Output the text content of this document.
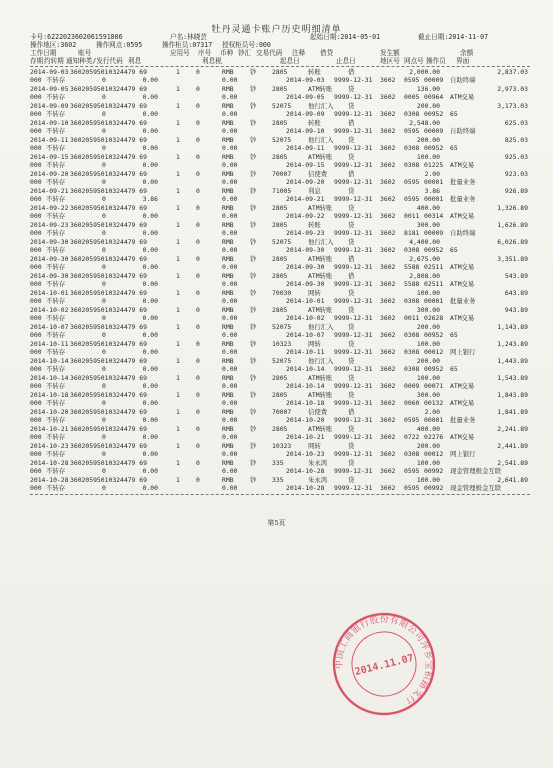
牡丹灵通卡账户历史明细清单
卡号:6222023602061591806	户名:林晓芸	起始日期:2014-05-01	截止日期:2014-11-07
操作地区:3602	操作网点:0595	操作柜员:07317 授权柜员号:000
工作日期	账号	应用号 序号 币种 钞汇 交易代码 注释 借贷	发生额	余额
存期 约转期 通知种类/发行代码 利息	利息税	起息日	止息日	地区号 网点号 操作员 界面
2014-09-03 36020595010324479 69	1	0	RMB	钞 2805	转账	借	2,000.00	2,837.03
000 不转存	0	0.00	0.00	2014-09-03 9999-12-31 3602 0595 00009 自助终端
2014-09-05 36020595010324479 69	1	0	RMB	钞 2805	ATM转账 贷	136.00	2,973.03
000 不转存	0	0.00	0.00	2014-09-05 9999-12-31 3602 0005 00964 ATM交易
2014-09-09 36020595010324479 69	1	0	RMB	钞 52075	他行汇入 贷	200.00	3,173.03
000 不转存	0	0.00	0.00	2014-09-09 9999-12-31 3602 0308 00952 65
2014-09-10 36020595010324479 69	1	0	RMB	钞 2805	转账	借	2,548.00	625.03
000 不转存	0	0.00	0.00	2014-09-10 9999-12-31 3602 0595 00009 自助终端
2014-09-11 36020595010324479 69	1	0	RMB	钞 52075	他行汇入 贷	200.00	825.03
000 不转存	0	0.00	0.00	2014-09-11 9999-12-31 3602 0308 00952 65
2014-09-15 36020595010324479 69	1	0	RMB	钞 2805	ATM转账 贷	100.00	925.03
000 不转存	0	0.00	0.00	2014-09-15 9999-12-31 3602 0308 01225 ATM交易
2014-09-20 36020595010324479 69	1	0	RMB	钞 70007	信使费	借	2.00	923.03
000 不转存	0	0.00	0.00	2014-09-20 9999-12-31 3602 0595 00001 批量业务
2014-09-21 36020595010324479 69	1	0	RMB	钞 71005	利息	贷	3.86	926.89
000 不转存	0	3.86	0.00	2014-09-21 9999-12-31 3602 0595 00001 批量业务
2014-09-22 36020595010324479 69	1	0	RMB	钞 2805	ATM转账 贷	400.00	1,326.89
000 不转存	0	0.00	0.00	2014-09-22 9999-12-31 3602 0011 00314 ATM交易
2014-09-23 36020595010324479 69	1	0	RMB	钞 2805	转账	贷	300.00	1,626.89
000 不转存	0	0.00	0.00	2014-09-23 9999-12-31 3602 8181 00009 自助终端
2014-09-30 36020595010324479 69	1	0	RMB	钞 52075	他行汇入 贷	4,400.00	6,026.89
000 不转存	0	0.00	0.00	2014-09-30 9999-12-31 3602 0308 00952 65
2014-09-30 36020595010324479 69	1	0	RMB	钞 2805	ATM转账 借	2,675.00	3,351.89
000 不转存	0	0.00	0.00	2014-09-30 9999-12-31 3602 5588 02511 ATM交易
2014-09-30 36020595010324479 69	1	0	RMB	钞 2805	ATM转账 借	2,808.00	543.89
000 不转存	0	0.00	0.00	2014-09-30 9999-12-31 3602 5588 02511 ATM交易
2014-10-01 36020595010324479 69	1	0	RMB	钞 70030	网转	贷	100.00	643.89
000 不转存	0	0.00	0.00	2014-10-01 9999-12-31 3602 0308 00001 批量业务
2014-10-02 36020595010324479 69	1	0	RMB	钞 2805	ATM转账 贷	300.00	943.89
000 不转存	0	0.00	0.00	2014-10-02 9999-12-31 3602 0011 02628 ATM交易
2014-10-07 36020595010324479 69	1	0	RMB	钞 52075	他行汇入 贷	200.00	1,143.89
000 不转存	0	0.00	0.00	2014-10-07 9999-12-31 3602 0308 00952 65
2014-10-11 36020595010324479 69	1	0	RMB	钞 10323	网转	贷	100.00	1,243.89
000 不转存	0	0.00	0.00	2014-10-11 9999-12-31 3602 0308 00012 网上银行
2014-10-14 36020595010324479 69	1	0	RMB	钞 52075	他行汇入 贷	200.00	1,443.89
000 不转存	0	0.00	0.00	2014-10-14 9999-12-31 3602 0308 00952 65
2014-10-14 36020595010324479 69	1	0	RMB	钞 2805	ATM转账 贷	100.00	1,543.89
000 不转存	0	0.00	0.00	2014-10-14 9999-12-31 3602 0009 00071 ATM交易
2014-10-18 36020595010324479 69	1	0	RMB	钞 2805	ATM转账 贷	300.00	1,843.89
000 不转存	0	0.00	0.00	2014-10-18 9999-12-31 3602 0060 00132 ATM交易
2014-10-20 36020595010324479 69	1	0	RMB	钞 70007	信使费	借	2.00	1,841.89
000 不转存	0	0.00	0.00	2014-10-20 9999-12-31 3602 0595 00001 批量业务
2014-10-21 36020595010324479 69	1	0	RMB	钞 2805	ATM转账 贷	400.00	2,241.89
000 不转存	0	0.00	0.00	2014-10-21 9999-12-31 3602 0722 02276 ATM交易
2014-10-23 36020595010324479 69	1	0	RMB	钞 10323	网转	贷	200.00	2,441.89
000 不转存	0	0.00	0.00	2014-10-23 9999-12-31 3602 0308 00012 网上银行
2014-10-28 36020595010324479 69	1	0	RMB	钞 335	朱永鸿	贷	100.00	2,541.89
000 不转存	0	0.00	0.00	2014-10-28 9999-12-31 3602 0595 00992 现金管理极金互联
2014-10-28 36020595010324479 69	1	0	RMB	钞 335	朱永鸿	贷	100.00	2,641.89
000 不转存	0	0.00	0.00	2014-10-28 9999-12-31 3602 0595 00992 现金管理极金互联
第5页
中国工商银行股份有限公司萍乡宝积路支行
2014.11.07
